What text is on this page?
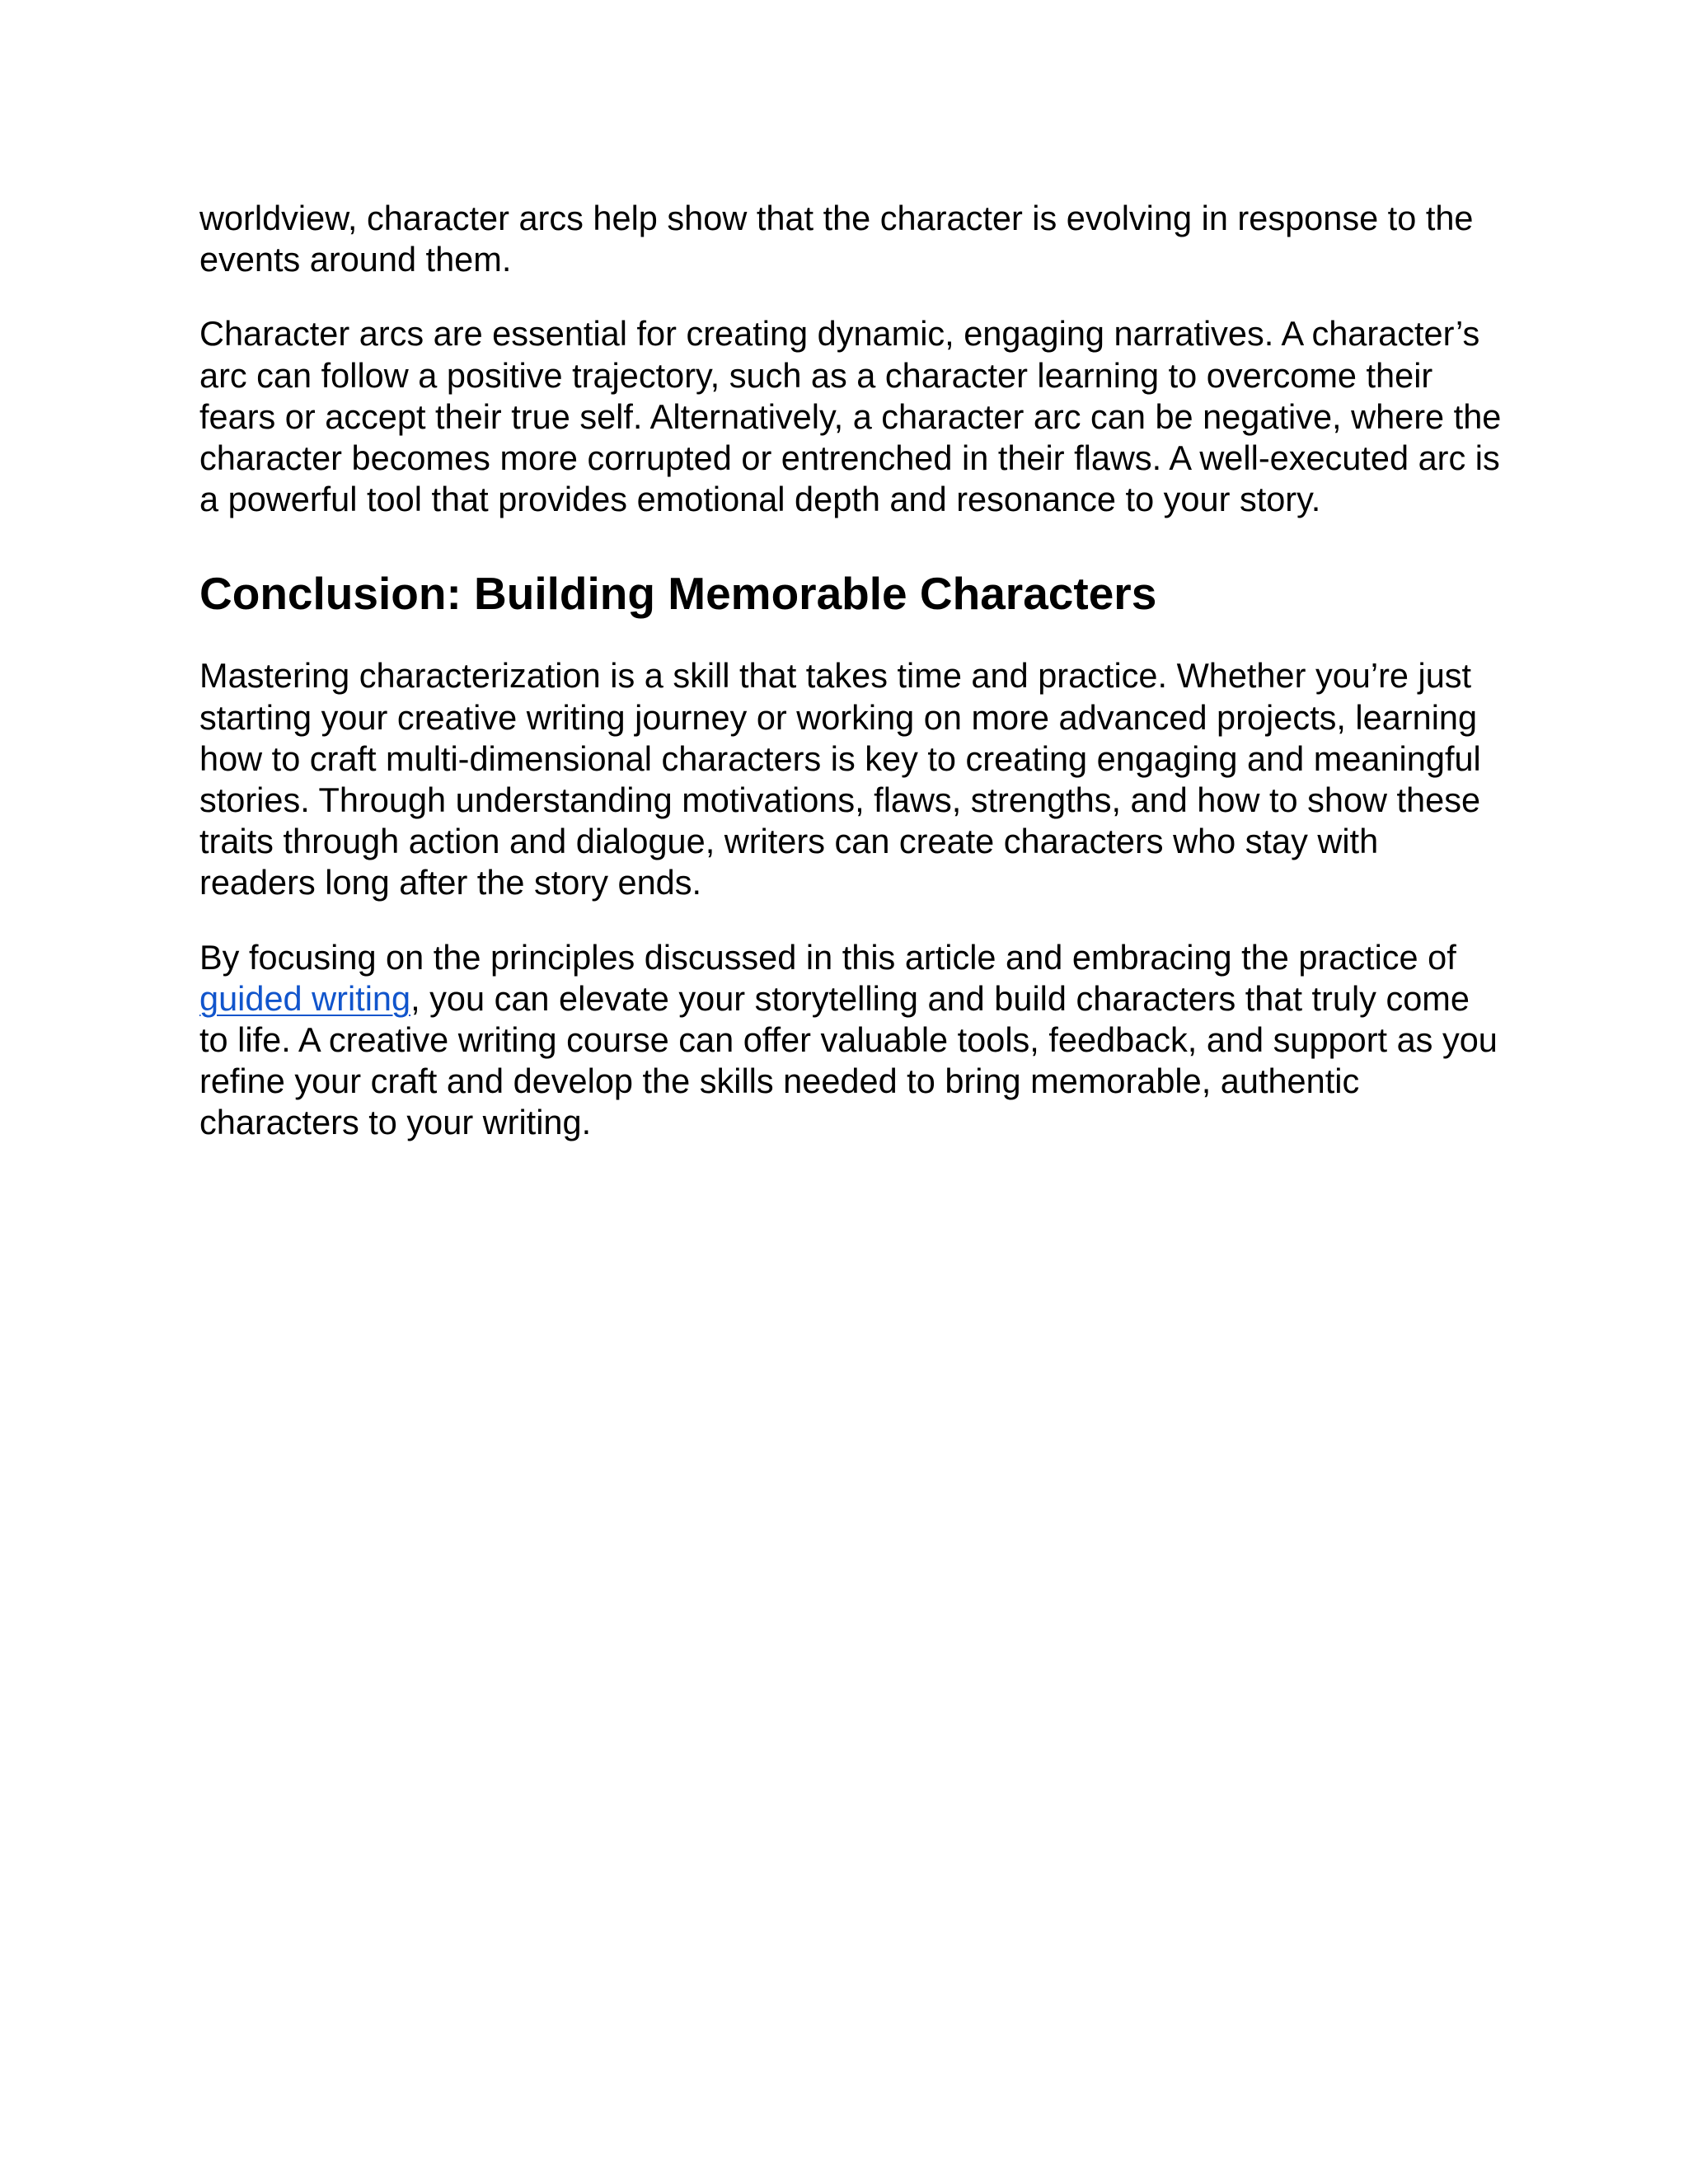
worldview, character arcs help show that the character is evolving in response to the events around them.

Character arcs are essential for creating dynamic, engaging narratives. A character’s arc can follow a positive trajectory, such as a character learning to overcome their fears or accept their true self. Alternatively, a character arc can be negative, where the character becomes more corrupted or entrenched in their flaws. A well-executed arc is a powerful tool that provides emotional depth and resonance to your story.

Conclusion: Building Memorable Characters

Mastering characterization is a skill that takes time and practice. Whether you’re just starting your creative writing journey or working on more advanced projects, learning how to craft multi-dimensional characters is key to creating engaging and meaningful stories. Through understanding motivations, flaws, strengths, and how to show these traits through action and dialogue, writers can create characters who stay with readers long after the story ends.

By focusing on the principles discussed in this article and embracing the practice of guided writing, you can elevate your storytelling and build characters that truly come to life. A creative writing course can offer valuable tools, feedback, and support as you refine your craft and develop the skills needed to bring memorable, authentic characters to your writing.
